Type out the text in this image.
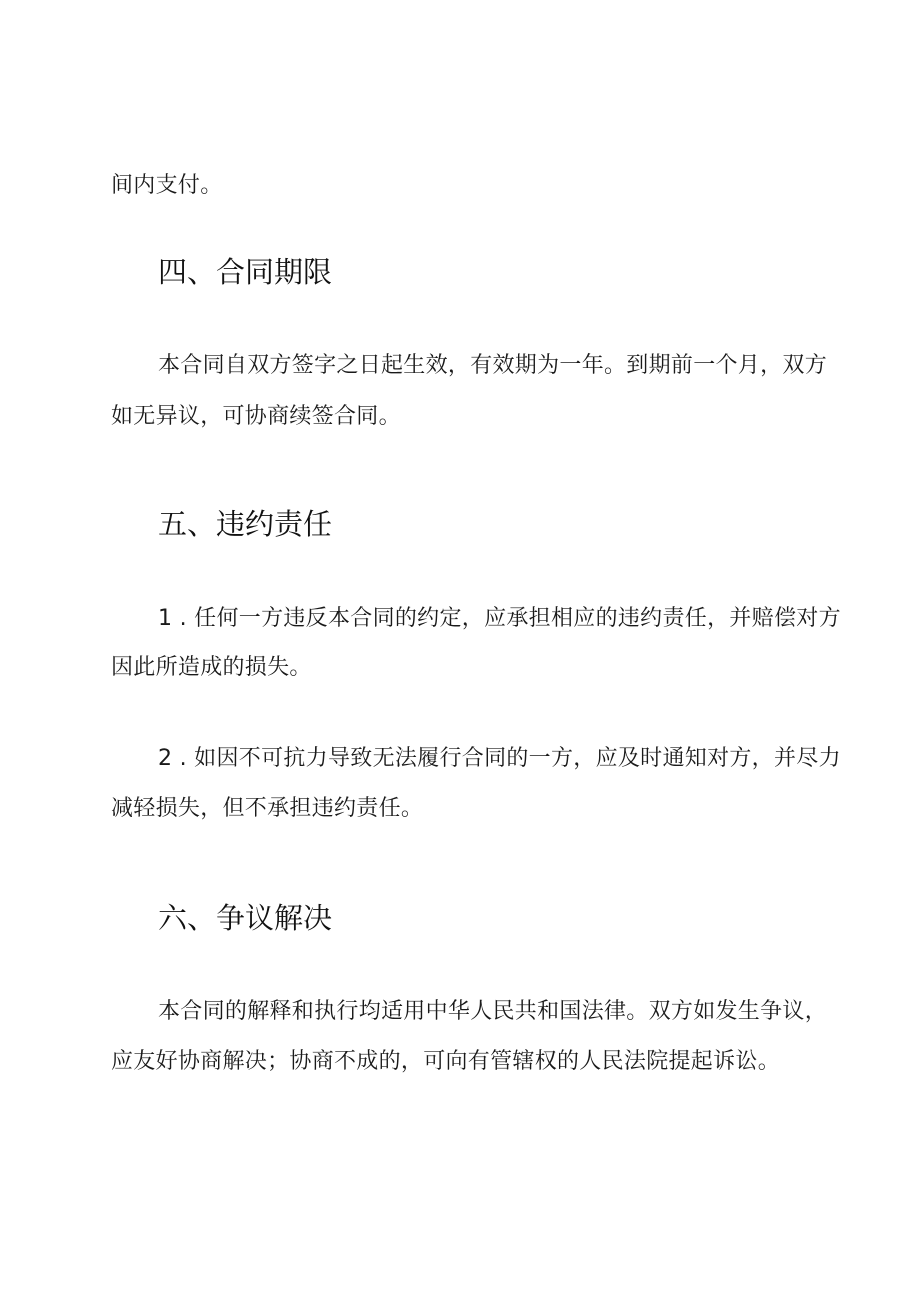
间内支付。
四、合同期限
本合同自双方签字之日起生效，有效期为一年。到期前一个月，双方
如无异议，可协商续签合同。
五、违约责任
1 . 任何一方违反本合同的约定，应承担相应的违约责任，并赔偿对方
因此所造成的损失。
2 . 如因不可抗力导致无法履行合同的一方，应及时通知对方，并尽力
减轻损失，但不承担违约责任。
六、争议解决
本合同的解释和执行均适用中华人民共和国法律。双方如发生争议，
应友好协商解决；协商不成的，可向有管辖权的人民法院提起诉讼。
